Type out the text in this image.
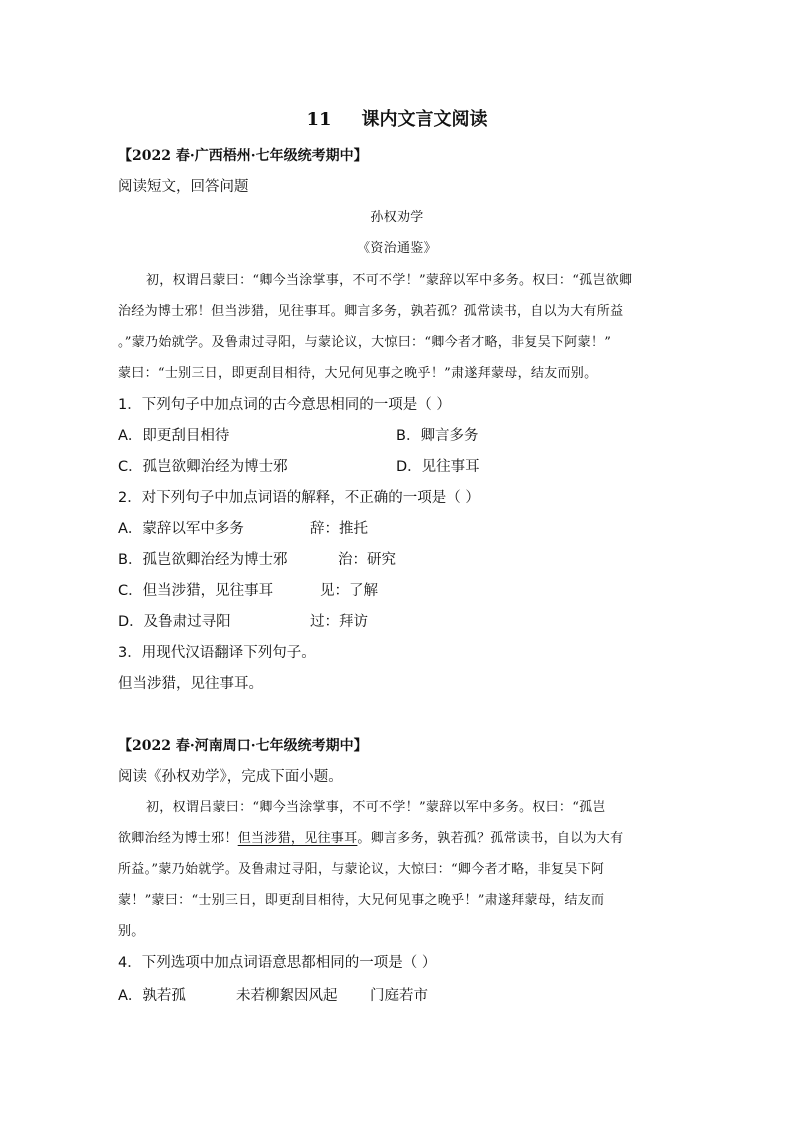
11 课内文言文阅读
【2022 春·广西梧州·七年级统考期中】
阅读短文，回答问题
孙权劝学
《资治通鉴》
初，权谓吕蒙曰：“卿今当涂掌事，不可不学！”蒙辞以军中多务。权曰：“孤岂欲卿
治经为博士邪！但当涉猎，见往事耳。卿言多务，孰若孤？孤常读书，自以为大有所益
。”蒙乃始就学。及鲁肃过寻阳，与蒙论议，大惊曰：“卿今者才略，非复吴下阿蒙！”
蒙曰：“士别三日，即更刮目相待，大兄何见事之晚乎！”肃遂拜蒙母，结友而别。
1．下列句子中加点词的古今意思相同的一项是（ ）
A．即更刮目相待	B．卿言多务
C．孤岂欲卿治经为博士邪	D．见往事耳
2．对下列句子中加点词语的解释，不正确的一项是（ ）
A．蒙辞以军中多务	辞：推托
B．孤岂欲卿治经为博士邪	治：研究
C．但当涉猎，见往事耳	见：了解
D．及鲁肃过寻阳	过：拜访
3．用现代汉语翻译下列句子。
但当涉猎，见往事耳。
【2022 春·河南周口·七年级统考期中】
阅读《孙权劝学》，完成下面小题。
初，权谓吕蒙曰：“卿今当涂掌事，不可不学！”蒙辞以军中多务。权曰：“孤岂
欲卿治经为博士邪！但当涉猎，见往事耳。卿言多务，孰若孤？孤常读书，自以为大有
所益。”蒙乃始就学。及鲁肃过寻阳，与蒙论议，大惊曰：“卿今者才略，非复吴下阿
蒙！”蒙曰：“士别三日，即更刮目相待，大兄何见事之晚乎！”肃遂拜蒙母，结友而
别。
4．下列选项中加点词语意思都相同的一项是（ ）
A．孰若孤	未若柳絮因风起 门庭若市
